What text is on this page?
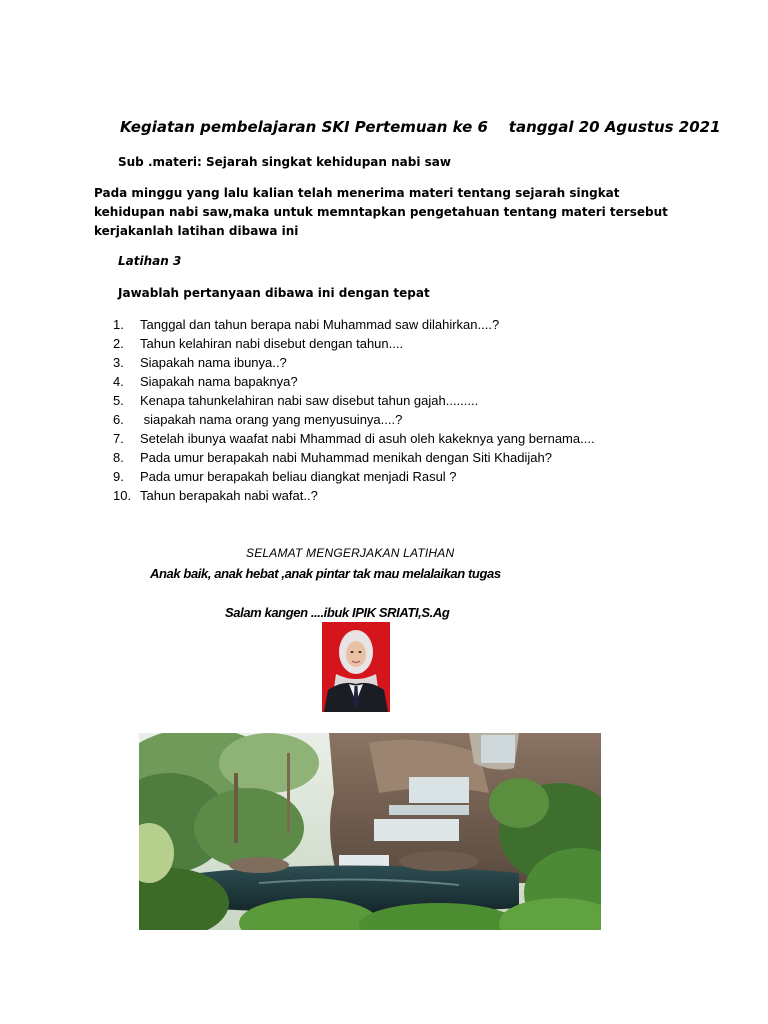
Kegiatan pembelajaran SKI Pertemuan ke 6    tanggal 20 Agustus 2021
Sub .materi: Sejarah singkat kehidupan nabi saw
Pada minggu yang lalu kalian telah menerima materi tentang sejarah singkat kehidupan nabi saw,maka untuk memntapkan pengetahuan tentang materi tersebut kerjakanlah latihan dibawa ini
Latihan 3
Jawablah pertanyaan dibawa ini dengan tepat
1.	Tanggal dan tahun berapa nabi Muhammad saw dilahirkan....?
2.	Tahun kelahiran nabi disebut dengan tahun....
3.	Siapakah nama ibunya..?
4.	Siapakah nama bapaknya?
5.	Kenapa tahunkelahiran nabi saw disebut tahun gajah.........
6.	siapakah nama orang yang menyusuinya....?
7.	Setelah ibunya waafat nabi Mhammad di asuh oleh kakeknya yang bernama....
8.	Pada umur berapakah nabi Muhammad menikah dengan Siti Khadijah?
9.	Pada umur berapakah beliau diangkat menjadi Rasul ?
10. Tahun berapakah nabi wafat..?
SELAMAT MENGERJAKAN LATIHAN
Anak baik, anak hebat ,anak pintar tak mau melalaikan tugas
Salam kangen ....ibuk IPIK SRIATI,S.Ag
